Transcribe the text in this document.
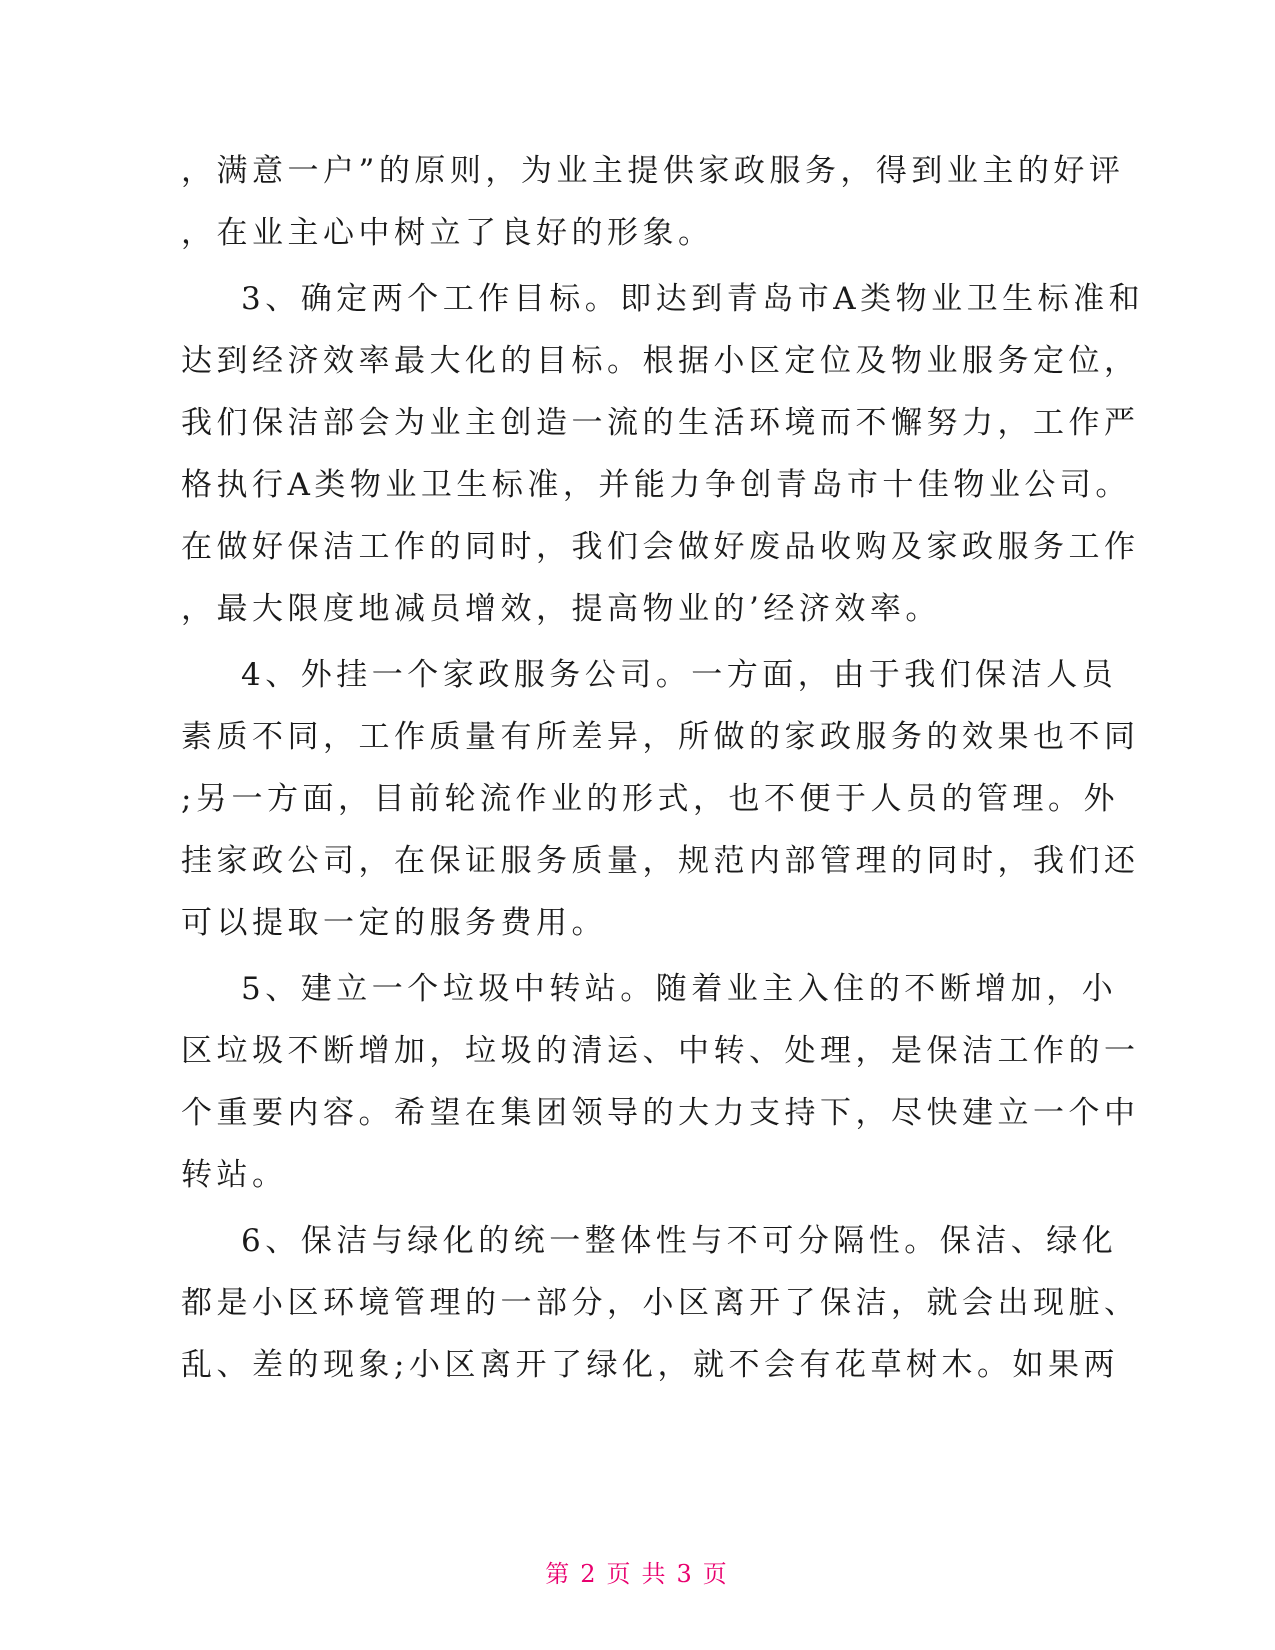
，满意一户”的原则，为业主提供家政服务，得到业主的好评
，在业主心中树立了良好的形象。
3、确定两个工作目标。即达到青岛市A类物业卫生标准和
达到经济效率最大化的目标。根据小区定位及物业服务定位，
我们保洁部会为业主创造一流的生活环境而不懈努力，工作严
格执行A类物业卫生标准，并能力争创青岛市十佳物业公司。
在做好保洁工作的同时，我们会做好废品收购及家政服务工作
，最大限度地减员增效，提高物业的’经济效率。
4、外挂一个家政服务公司。一方面，由于我们保洁人员
素质不同，工作质量有所差异，所做的家政服务的效果也不同
;另一方面，目前轮流作业的形式，也不便于人员的管理。外
挂家政公司，在保证服务质量，规范内部管理的同时，我们还
可以提取一定的服务费用。
5、建立一个垃圾中转站。随着业主入住的不断增加，小
区垃圾不断增加，垃圾的清运、中转、处理，是保洁工作的一
个重要内容。希望在集团领导的大力支持下，尽快建立一个中
转站。
6、保洁与绿化的统一整体性与不可分隔性。保洁、绿化
都是小区环境管理的一部分，小区离开了保洁，就会出现脏、
乱、差的现象;小区离开了绿化，就不会有花草树木。如果两
第 2 页 共 3 页
